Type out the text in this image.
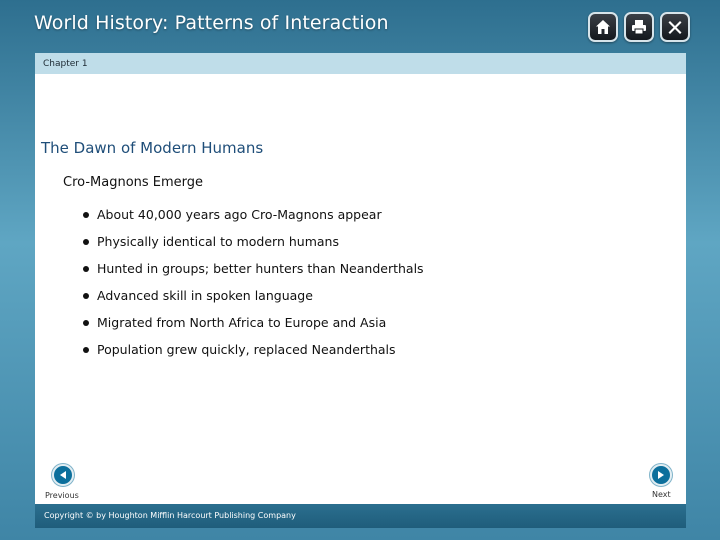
World History: Patterns of Interaction
Chapter 1
The Dawn of Modern Humans
Cro-Magnons Emerge
About 40,000 years ago Cro-Magnons appear
Physically identical to modern humans
Hunted in groups; better hunters than Neanderthals
Advanced skill in spoken language
Migrated from North Africa to Europe and Asia
Population grew quickly, replaced Neanderthals
Previous	Next
Copyright © by Houghton Mifflin Harcourt Publishing Company
